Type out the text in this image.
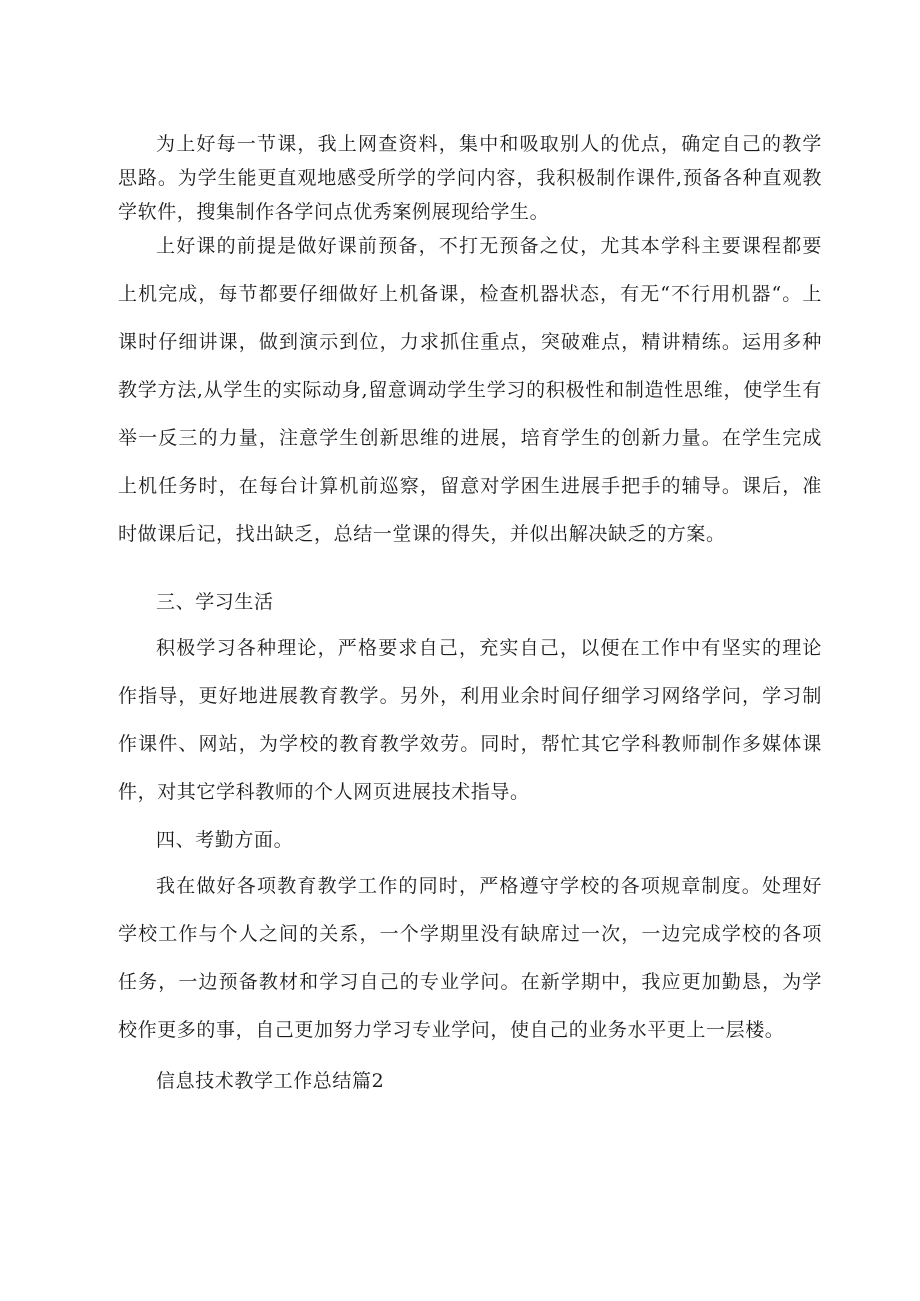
为上好每一节课，我上网查资料，集中和吸取别人的优点，确定自己的教学思路。为学生能更直观地感受所学的学问内容，我积极制作课件,预备各种直观教学软件，搜集制作各学问点优秀案例展现给学生。

上好课的前提是做好课前预备，不打无预备之仗，尤其本学科主要课程都要上机完成，每节都要仔细做好上机备课，检查机器状态，有无“不行用机器“。上课时仔细讲课，做到演示到位，力求抓住重点，突破难点，精讲精练。运用多种教学方法,从学生的实际动身,留意调动学生学习的积极性和制造性思维，使学生有举一反三的力量，注意学生创新思维的进展，培育学生的创新力量。在学生完成上机任务时，在每台计算机前巡察，留意对学困生进展手把手的辅导。课后，准时做课后记，找出缺乏，总结一堂课的得失，并似出解决缺乏的方案。

三、学习生活

积极学习各种理论，严格要求自己，充实自己，以便在工作中有坚实的理论作指导，更好地进展教育教学。另外，利用业余时间仔细学习网络学问，学习制作课件、网站，为学校的教育教学效劳。同时，帮忙其它学科教师制作多媒体课件，对其它学科教师的个人网页进展技术指导。

四、考勤方面。

我在做好各项教育教学工作的同时，严格遵守学校的各项规章制度。处理好学校工作与个人之间的关系，一个学期里没有缺席过一次，一边完成学校的各项任务，一边预备教材和学习自己的专业学问。在新学期中，我应更加勤恳，为学校作更多的事，自己更加努力学习专业学问，使自己的业务水平更上一层楼。

信息技术教学工作总结篇2
